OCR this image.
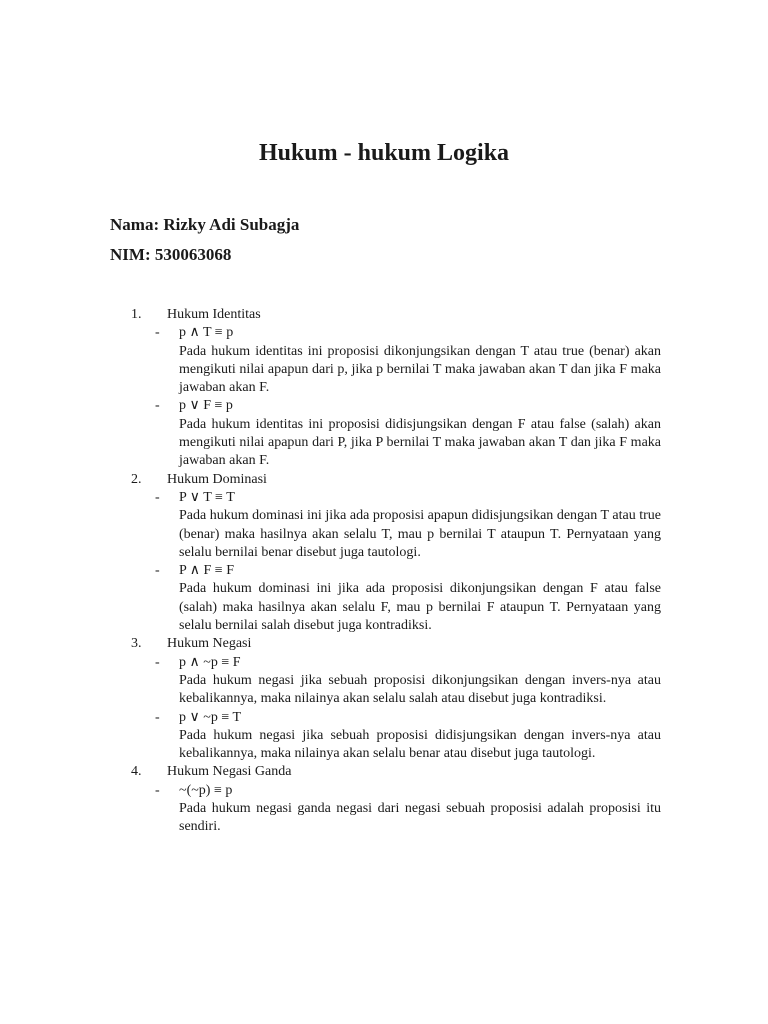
Hukum - hukum Logika

Nama: Rizky Adi Subagja

NIM: 530063068

1.	Hukum Identitas
-	p ∧ T ≡ p
Pada hukum identitas ini proposisi dikonjungsikan dengan T atau true (benar) akan mengikuti nilai apapun dari p, jika p bernilai T maka jawaban akan T dan jika F maka jawaban akan F.
-	p ∨ F ≡ p
Pada hukum identitas ini proposisi didisjungsikan dengan F atau false (salah) akan mengikuti nilai apapun dari P, jika P bernilai T maka jawaban akan T dan jika F maka jawaban akan F.
2.	Hukum Dominasi
-	P ∨ T ≡ T
Pada hukum dominasi ini jika ada proposisi apapun didisjungsikan dengan T atau true (benar) maka hasilnya akan selalu T, mau p bernilai T ataupun T. Pernyataan yang selalu bernilai benar disebut juga tautologi.
-	P ∧ F ≡ F
Pada hukum dominasi ini jika ada proposisi dikonjungsikan dengan F atau false (salah) maka hasilnya akan selalu F, mau p bernilai F ataupun T. Pernyataan yang selalu bernilai salah disebut juga kontradiksi.
3.	Hukum Negasi
-	p ∧ ~p ≡ F
Pada hukum negasi jika sebuah proposisi dikonjungsikan dengan invers-nya atau kebalikannya, maka nilainya akan selalu salah atau disebut juga kontradiksi.
-	p ∨ ~p ≡ T
Pada hukum negasi jika sebuah proposisi didisjungsikan dengan invers-nya atau kebalikannya, maka nilainya akan selalu benar atau disebut juga tautologi.
4.	Hukum Negasi Ganda
-	~(~p) ≡ p
Pada hukum negasi ganda negasi dari negasi sebuah proposisi adalah proposisi itu sendiri.
